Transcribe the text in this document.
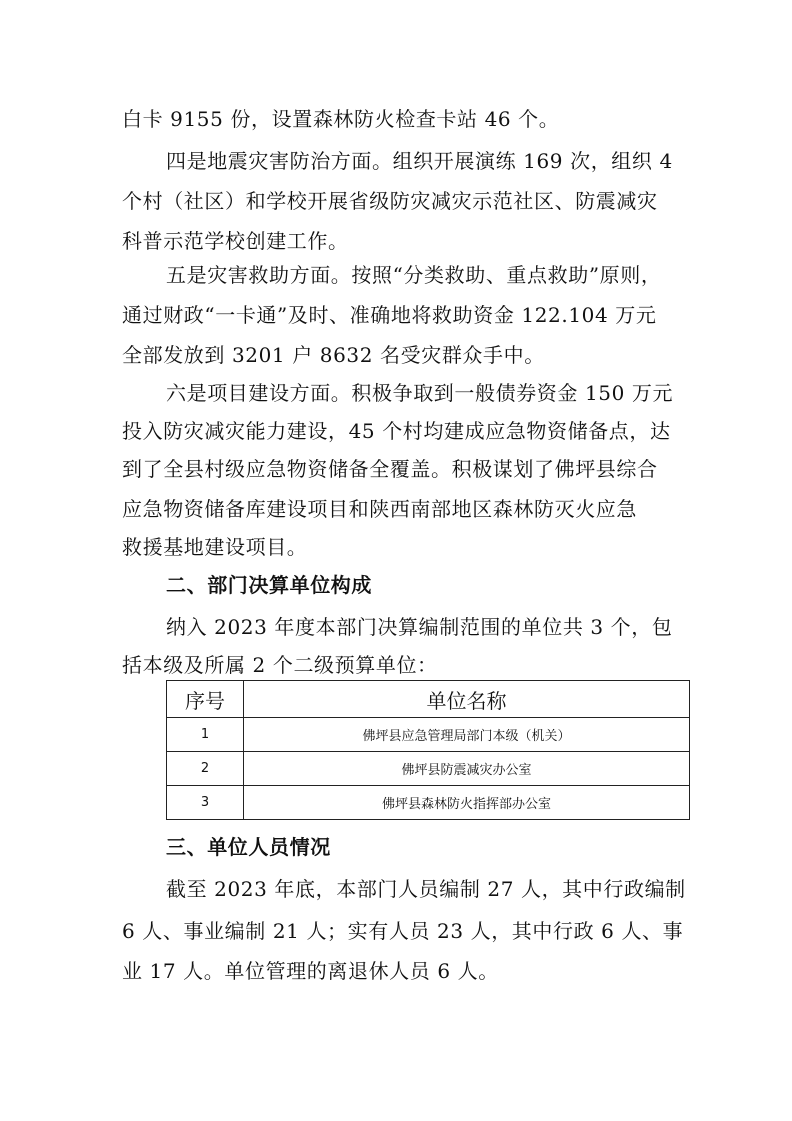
白卡 9155 份，设置森林防火检查卡站 46 个。
四是地震灾害防治方面。组织开展演练 169 次，组织 4
个村（社区）和学校开展省级防灾减灾示范社区、防震减灾
科普示范学校创建工作。
五是灾害救助方面。按照“分类救助、重点救助”原则，
通过财政“一卡通”及时、准确地将救助资金 122.104 万元
全部发放到 3201 户 8632 名受灾群众手中。
六是项目建设方面。积极争取到一般债券资金 150 万元
投入防灾减灾能力建设，45 个村均建成应急物资储备点，达
到了全县村级应急物资储备全覆盖。积极谋划了佛坪县综合
应急物资储备库建设项目和陕西南部地区森林防灭火应急
救援基地建设项目。
二、部门决算单位构成
纳入 2023 年度本部门决算编制范围的单位共 3 个，包
括本级及所属 2 个二级预算单位：
序号	单位名称
1	佛坪县应急管理局部门本级（机关）
2	佛坪县防震减灾办公室
3	佛坪县森林防火指挥部办公室
三、单位人员情况
截至 2023 年底，本部门人员编制 27 人，其中行政编制
6 人、事业编制 21 人；实有人员 23 人，其中行政 6 人、事
业 17 人。单位管理的离退休人员 6 人。
